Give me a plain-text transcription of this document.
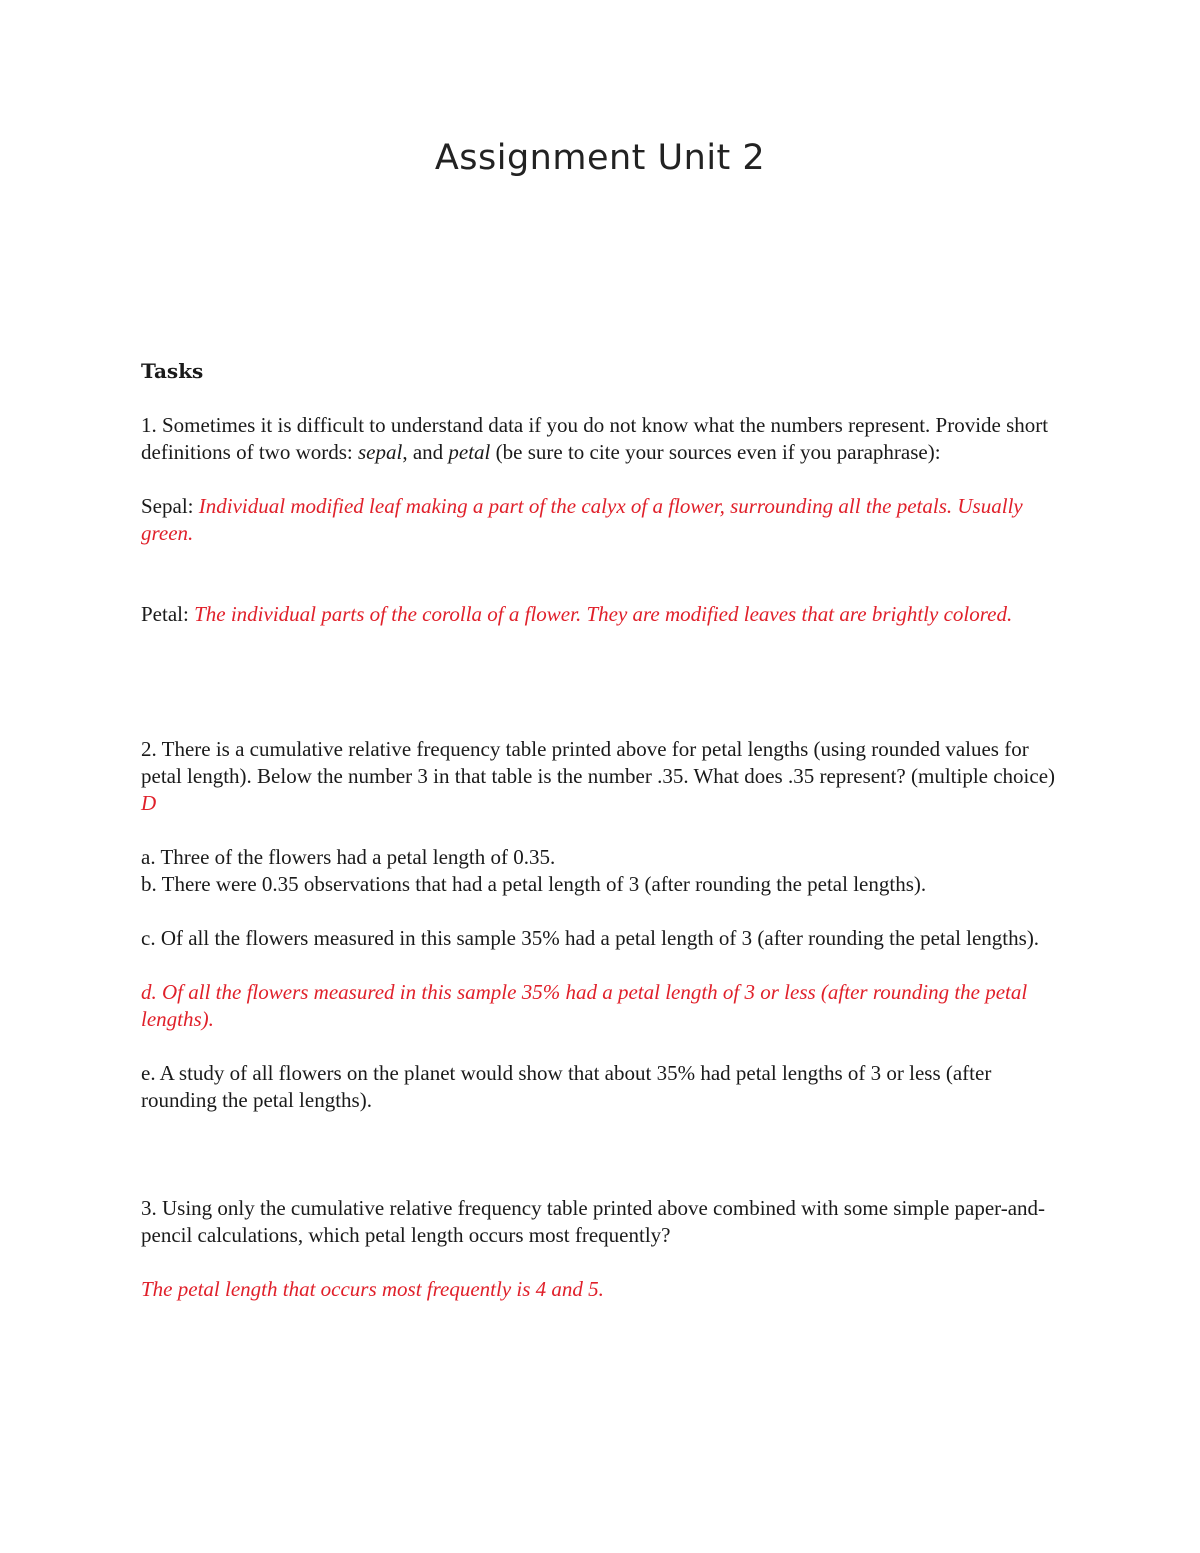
Assignment Unit 2

Tasks

1. Sometimes it is difficult to understand data if you do not know what the numbers represent. Provide short definitions of two words: sepal, and petal (be sure to cite your sources even if you paraphrase):

Sepal: Individual modified leaf making a part of the calyx of a flower, surrounding all the petals. Usually green.

Petal: The individual parts of the corolla of a flower. They are modified leaves that are brightly colored.

2. There is a cumulative relative frequency table printed above for petal lengths (using rounded values for petal length). Below the number 3 in that table is the number .35. What does .35 represent? (multiple choice) D

a. Three of the flowers had a petal length of 0.35.

b. There were 0.35 observations that had a petal length of 3 (after rounding the petal lengths).

c. Of all the flowers measured in this sample 35% had a petal length of 3 (after rounding the petal lengths).

d. Of all the flowers measured in this sample 35% had a petal length of 3 or less (after rounding the petal lengths).

e. A study of all flowers on the planet would show that about 35% had petal lengths of 3 or less (after rounding the petal lengths).

3. Using only the cumulative relative frequency table printed above combined with some simple paper-and-pencil calculations, which petal length occurs most frequently?

The petal length that occurs most frequently is 4 and 5.
